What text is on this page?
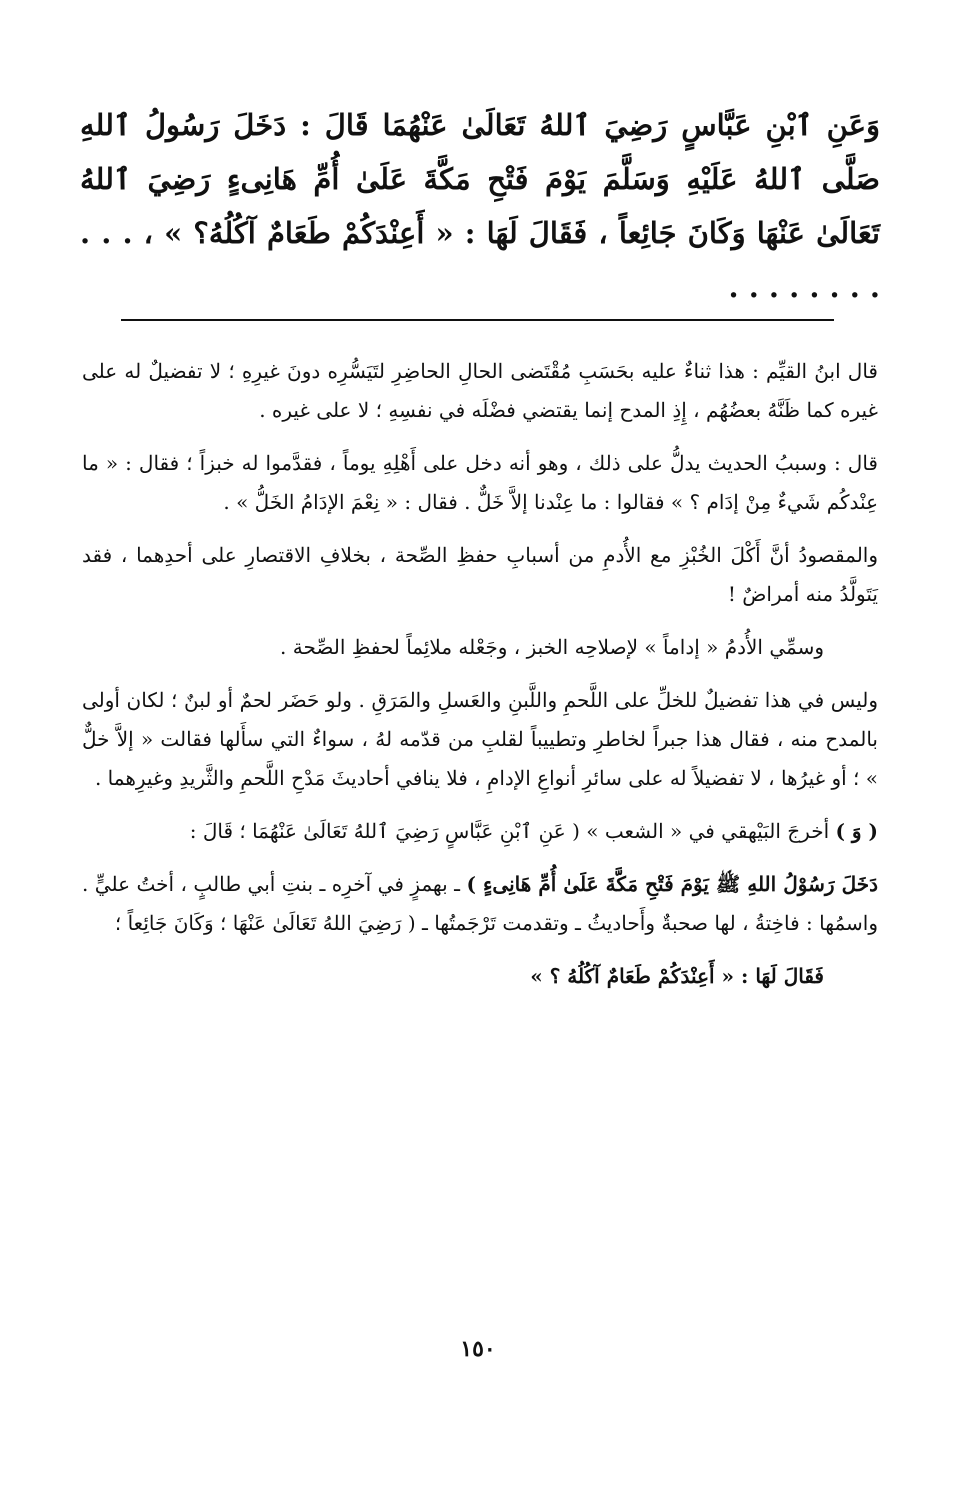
وَعَنِ ٱبْنِ عَبَّاسٍ رَضِيَ ٱللهُ تَعَالَىٰ عَنْهُمَا قَالَ : دَخَلَ رَسُولُ ٱللهِ صَلَّى ٱللهُ عَلَيْهِ وَسَلَّمَ يَوْمَ فَتْحِ مَكَّةَ عَلَىٰ أُمِّ هَانِىءٍ رَضِيَ ٱللهُ تَعَالَىٰ عَنْهَا وَكَانَ جَائِعاً ، فَقَالَ لَهَا : « أَعِنْدَكُمْ طَعَامٌ آكُلُهُ؟ » ، . . . . . . . . . . .

قال ابنُ القيِّم : هذا ثناءٌ عليه بحَسَبِ مُقْتَضى الحالِ الحاضِرِ لتَيَسُّرِه دونَ غيرِهِ ؛ لا تفضيلٌ له على غيره كما ظَنَّهُ بعضُهُم ، إِذِ المدح إنما يقتضي فضْلَه في نفسِهِ ؛ لا على غيره .

قال : وسببُ الحديث يدلُّ على ذلك ، وهو أنه دخل على أَهْلِهِ يوماً ، فقدَّموا له خبزاً ؛ فقال : « ما عِنْدكُم شَيءٌ مِنْ إدَام ؟ » فقالوا : ما عِنْدنا إلاَّ خَلٌّ . فقال : « نِعْمَ الإدَامُ الخَلُّ » .

والمقصودُ أنَّ أَكْلَ الخُبْزِ مع الأُدمِ من أسبابِ حفظِ الصِّحة ، بخلافِ الاقتصارِ على أحدِهما ، فقد يَتَولَّدُ منه أمراضٌ !

وسمِّي الأُدمُ « إداماً » لإصلاحِه الخبز ، وجَعْله ملائِماً لحفظِ الصِّحة .

وليس في هذا تفضيلٌ للخلِّ على اللَّحمِ واللَّبنِ والعَسلِ والمَرَقِ . ولو حَضَر لحمٌ أو لبنٌ ؛ لكان أولى بالمدح منه ، فقال هذا جبراً لخاطرِ وتطييباً لقلبِ من قدّمه لهُ ، سواءٌ التي سأَلها فقالت « إلاَّ خلٌّ » ؛ أو غيرُها ، لا تفضيلاً له على سائرِ أنواعِ الإدامِ ، فلا ينافي أحاديثَ مَدْحِ اللَّحمِ والثَّريدِ وغيرِهما .

( وَ ) أخرجَ البَيْهقي في « الشعب » ( عَنِ ٱبْنِ عَبَّاسٍ رَضِيَ ٱللهُ تَعَالَىٰ عَنْهُمَا ؛ قَالَ :

دَخَلَ رَسُوْلُ اللهِ ﷺ يَوْمَ فَتْحِ مَكَّةَ عَلَىٰ أُمِّ هَانِىءٍ ) ـ بهمزٍ في آخرِه ـ بنتِ أبي طالبٍ ، أختُ عليٍّ . واسمُها : فاخِتةُ ، لها صحبةٌ وأَحاديثُ ـ وتقدمت تَرْجَمتُها ـ ( رَضِيَ اللهُ تَعَالَىٰ عَنْهَا ؛ وَكَانَ جَائِعاً ؛

فَقَالَ لَهَا : « أَعِنْدَكُمْ طَعَامٌ آكُلُهُ ؟ »

١٥٠
